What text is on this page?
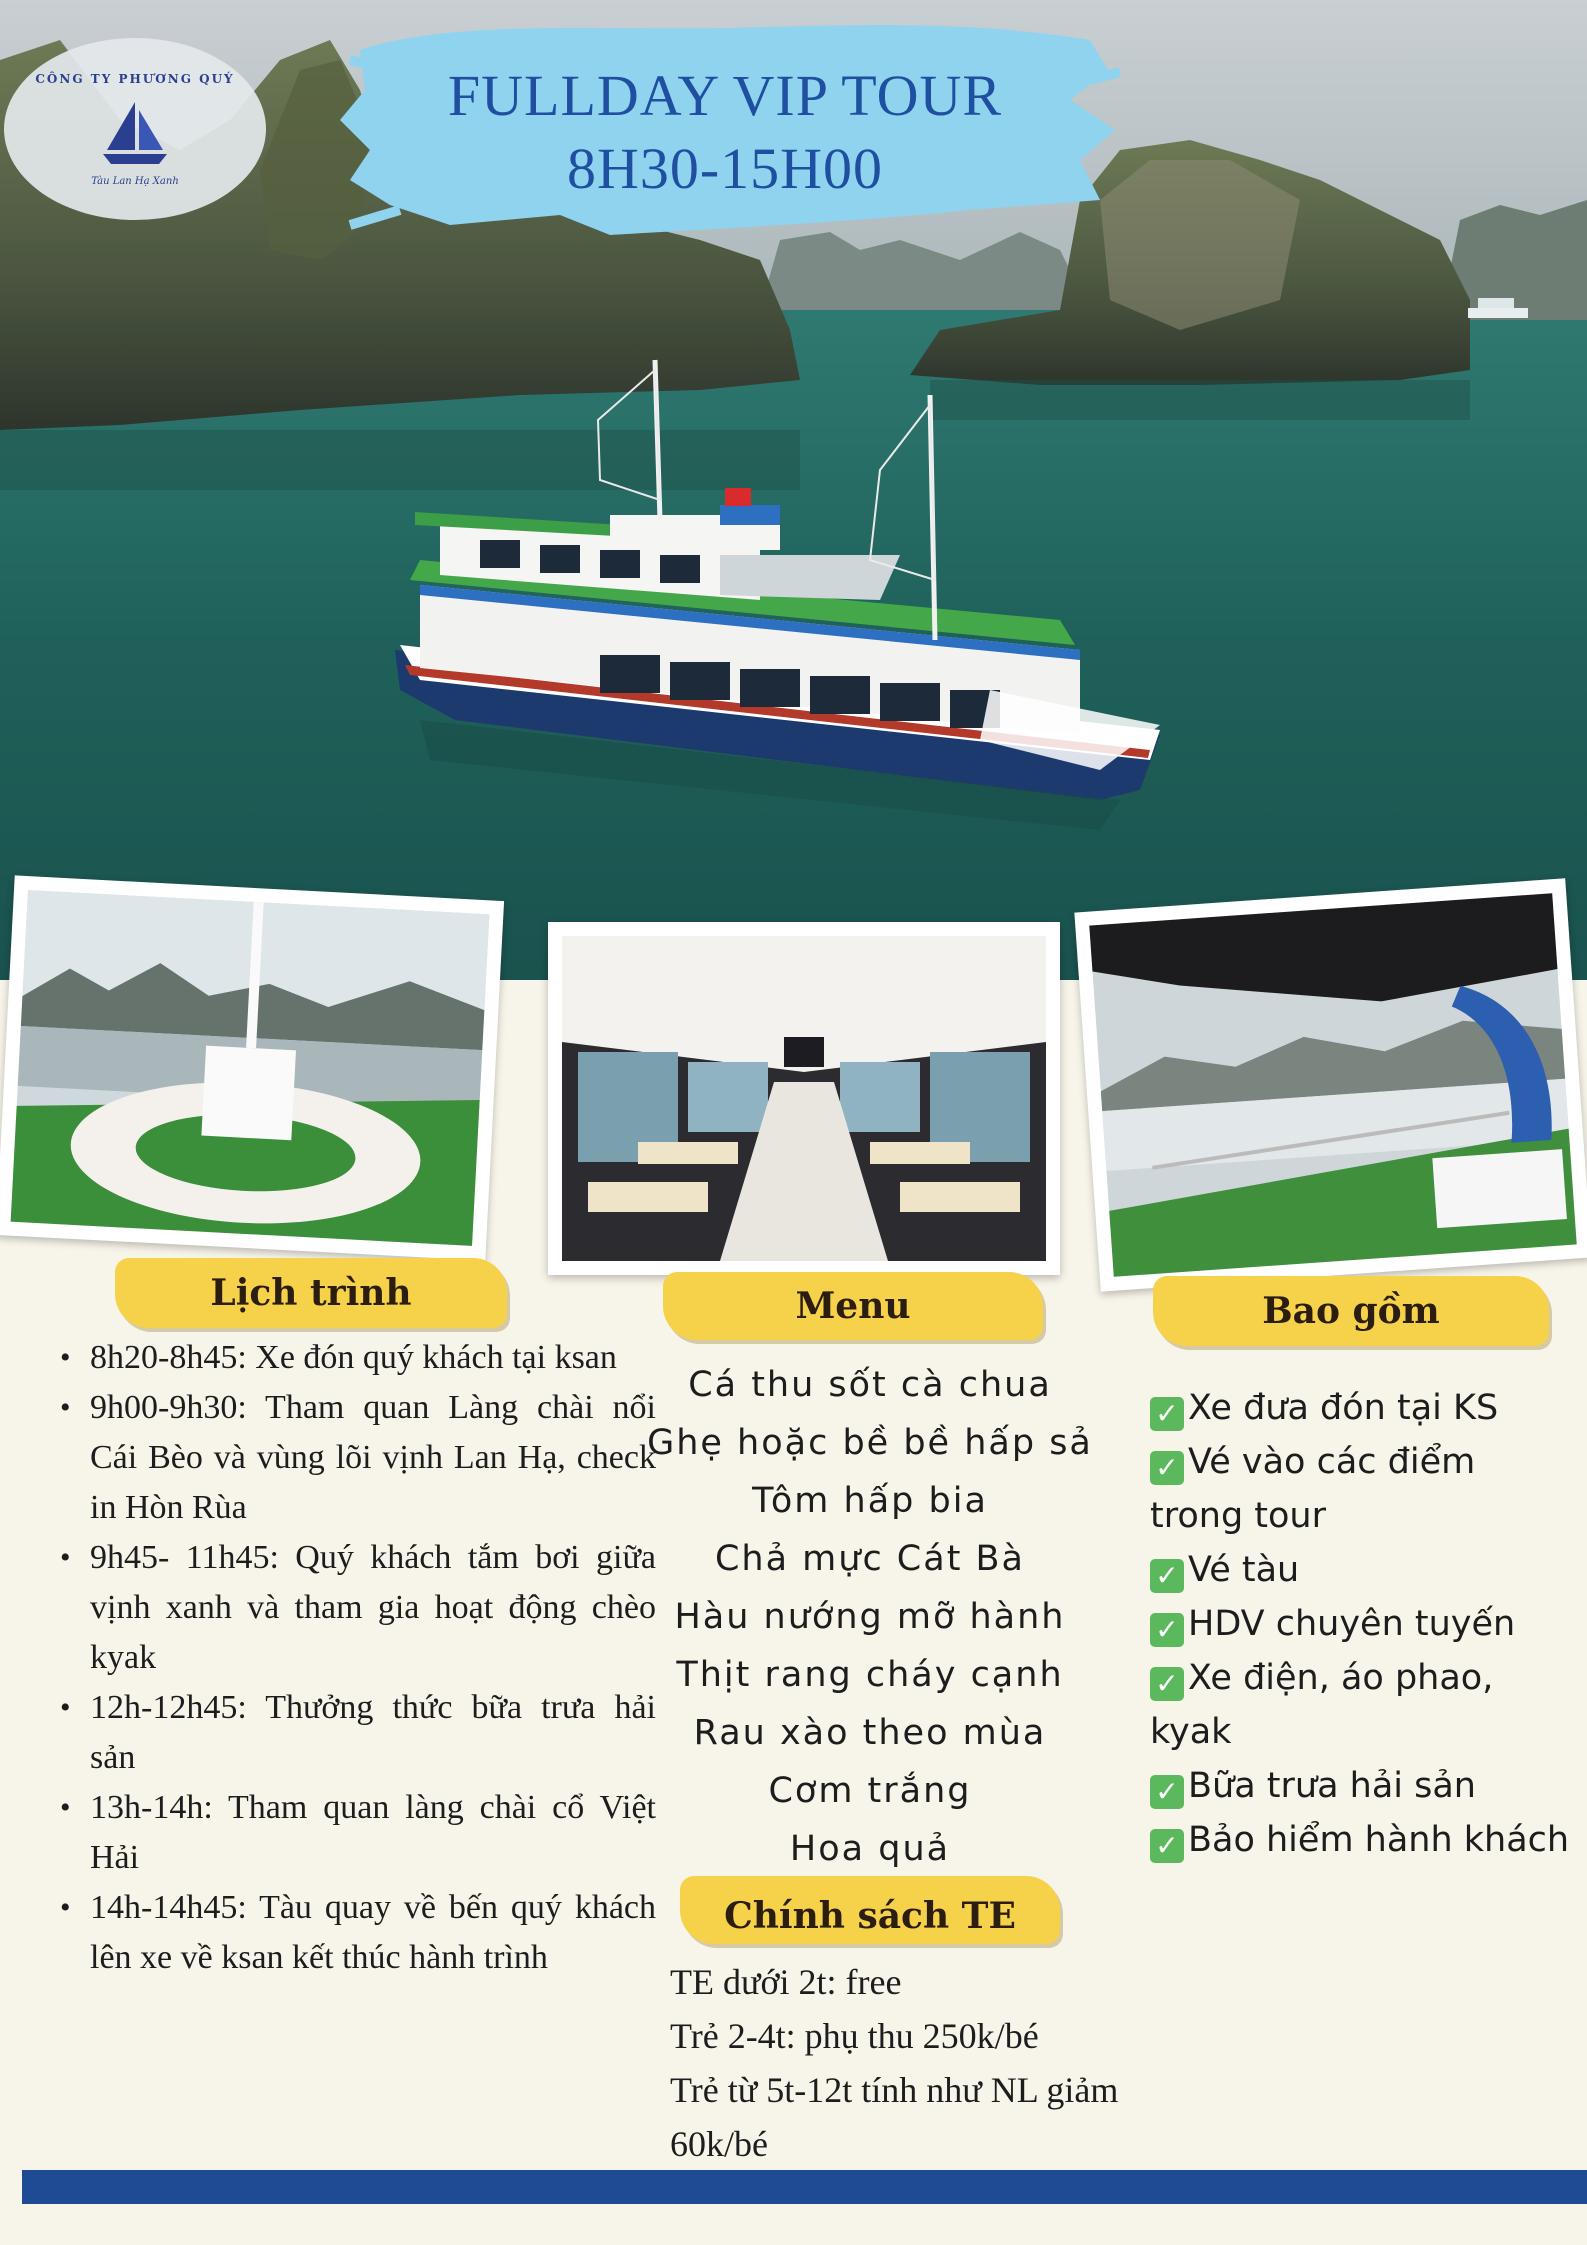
CÔNG TY PHƯƠNG QUÝ
Tàu Lan Hạ Xanh
FULLDAY VIP TOUR
8H30-15H00
Lịch trình	Menu	Bao gồm
Chính sách TE
• 8h20-8h45: Xe đón quý khách tại ksan
• 9h00-9h30: Tham quan Làng chài nổi Cái Bèo và vùng lõi vịnh Lan Hạ, check in Hòn Rùa
• 9h45- 11h45: Quý khách tắm bơi giữa vịnh xanh và tham gia hoạt động chèo kyak
• 12h-12h45: Thưởng thức bữa trưa hải sản
• 13h-14h: Tham quan làng chài cổ Việt Hải
• 14h-14h45: Tàu quay về bến quý khách lên xe về ksan kết thúc hành trình
Cá thu sốt cà chua
Ghẹ hoặc bề bề hấp sả
Tôm hấp bia
Chả mực Cát Bà
Hàu nướng mỡ hành
Thịt rang cháy cạnh
Rau xào theo mùa
Cơm trắng
Hoa quả
TE dưới 2t: free
Trẻ 2-4t: phụ thu 250k/bé
Trẻ từ 5t-12t tính như NL giảm 60k/bé
✓ Xe đưa đón tại KS
✓ Vé vào các điểm trong tour
✓ Vé tàu
✓ HDV chuyên tuyến
✓ Xe điện, áo phao, kyak
✓ Bữa trưa hải sản
✓ Bảo hiểm hành khách
